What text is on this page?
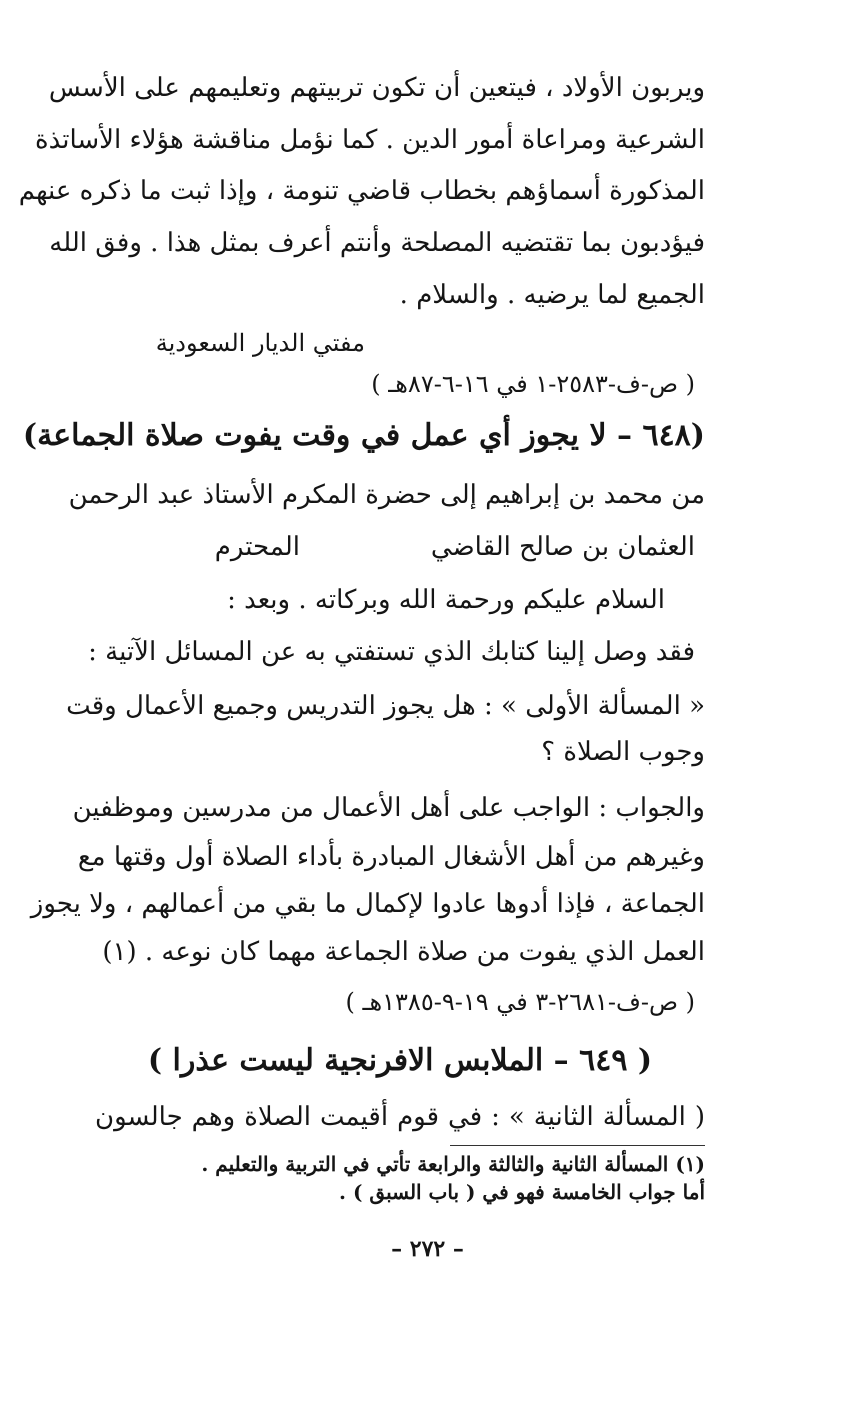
ويربون الأولاد ، فيتعين أن تكون تربيتهم وتعليمهم على الأسس
الشرعية ومراعاة أمور الدين . كما نؤمل مناقشة هؤلاء الأساتذة
المذكورة أسماؤهم بخطاب قاضي تنومة ، وإذا ثبت ما ذكره عنهم
فيؤدبون بما تقتضيه المصلحة وأنتم أعرف بمثل هذا . وفق الله
الجميع لما يرضيه . والسلام .
مفتي الديار السعودية
( ص-ف-٢٥٨٣-١ في ١٦-٦-٨٧هـ )
(٦٤٨ – لا يجوز أي عمل في وقت يفوت صلاة الجماعة)
من محمد بن إبراهيم إلى حضرة المكرم الأستاذ عبد الرحمن
العثمان بن صالح القاضي
المحترم
السلام عليكم ورحمة الله وبركاته . وبعد :
فقد وصل إلينا كتابك الذي تستفتي به عن المسائل الآتية :
« المسألة الأولى » : هل يجوز التدريس وجميع الأعمال وقت
وجوب الصلاة ؟
والجواب : الواجب على أهل الأعمال من مدرسين وموظفين
وغيرهم من أهل الأشغال المبادرة بأداء الصلاة أول وقتها مع
الجماعة ، فإذا أدوها عادوا لإكمال ما بقي من أعمالهم ، ولا يجوز
العمل الذي يفوت من صلاة الجماعة مهما كان نوعه . (١)
( ص-ف-٢٦٨١-٣ في ١٩-٩-١٣٨٥هـ )
( ٦٤٩ – الملابس الافرنجية ليست عذرا )
( المسألة الثانية » : في قوم أقيمت الصلاة وهم جالسون
(١) المسألة الثانية والثالثة والرابعة تأتي في التربية والتعليم .
أما جواب الخامسة فهو في ( باب السبق ) .
– ٢٧٢ –
